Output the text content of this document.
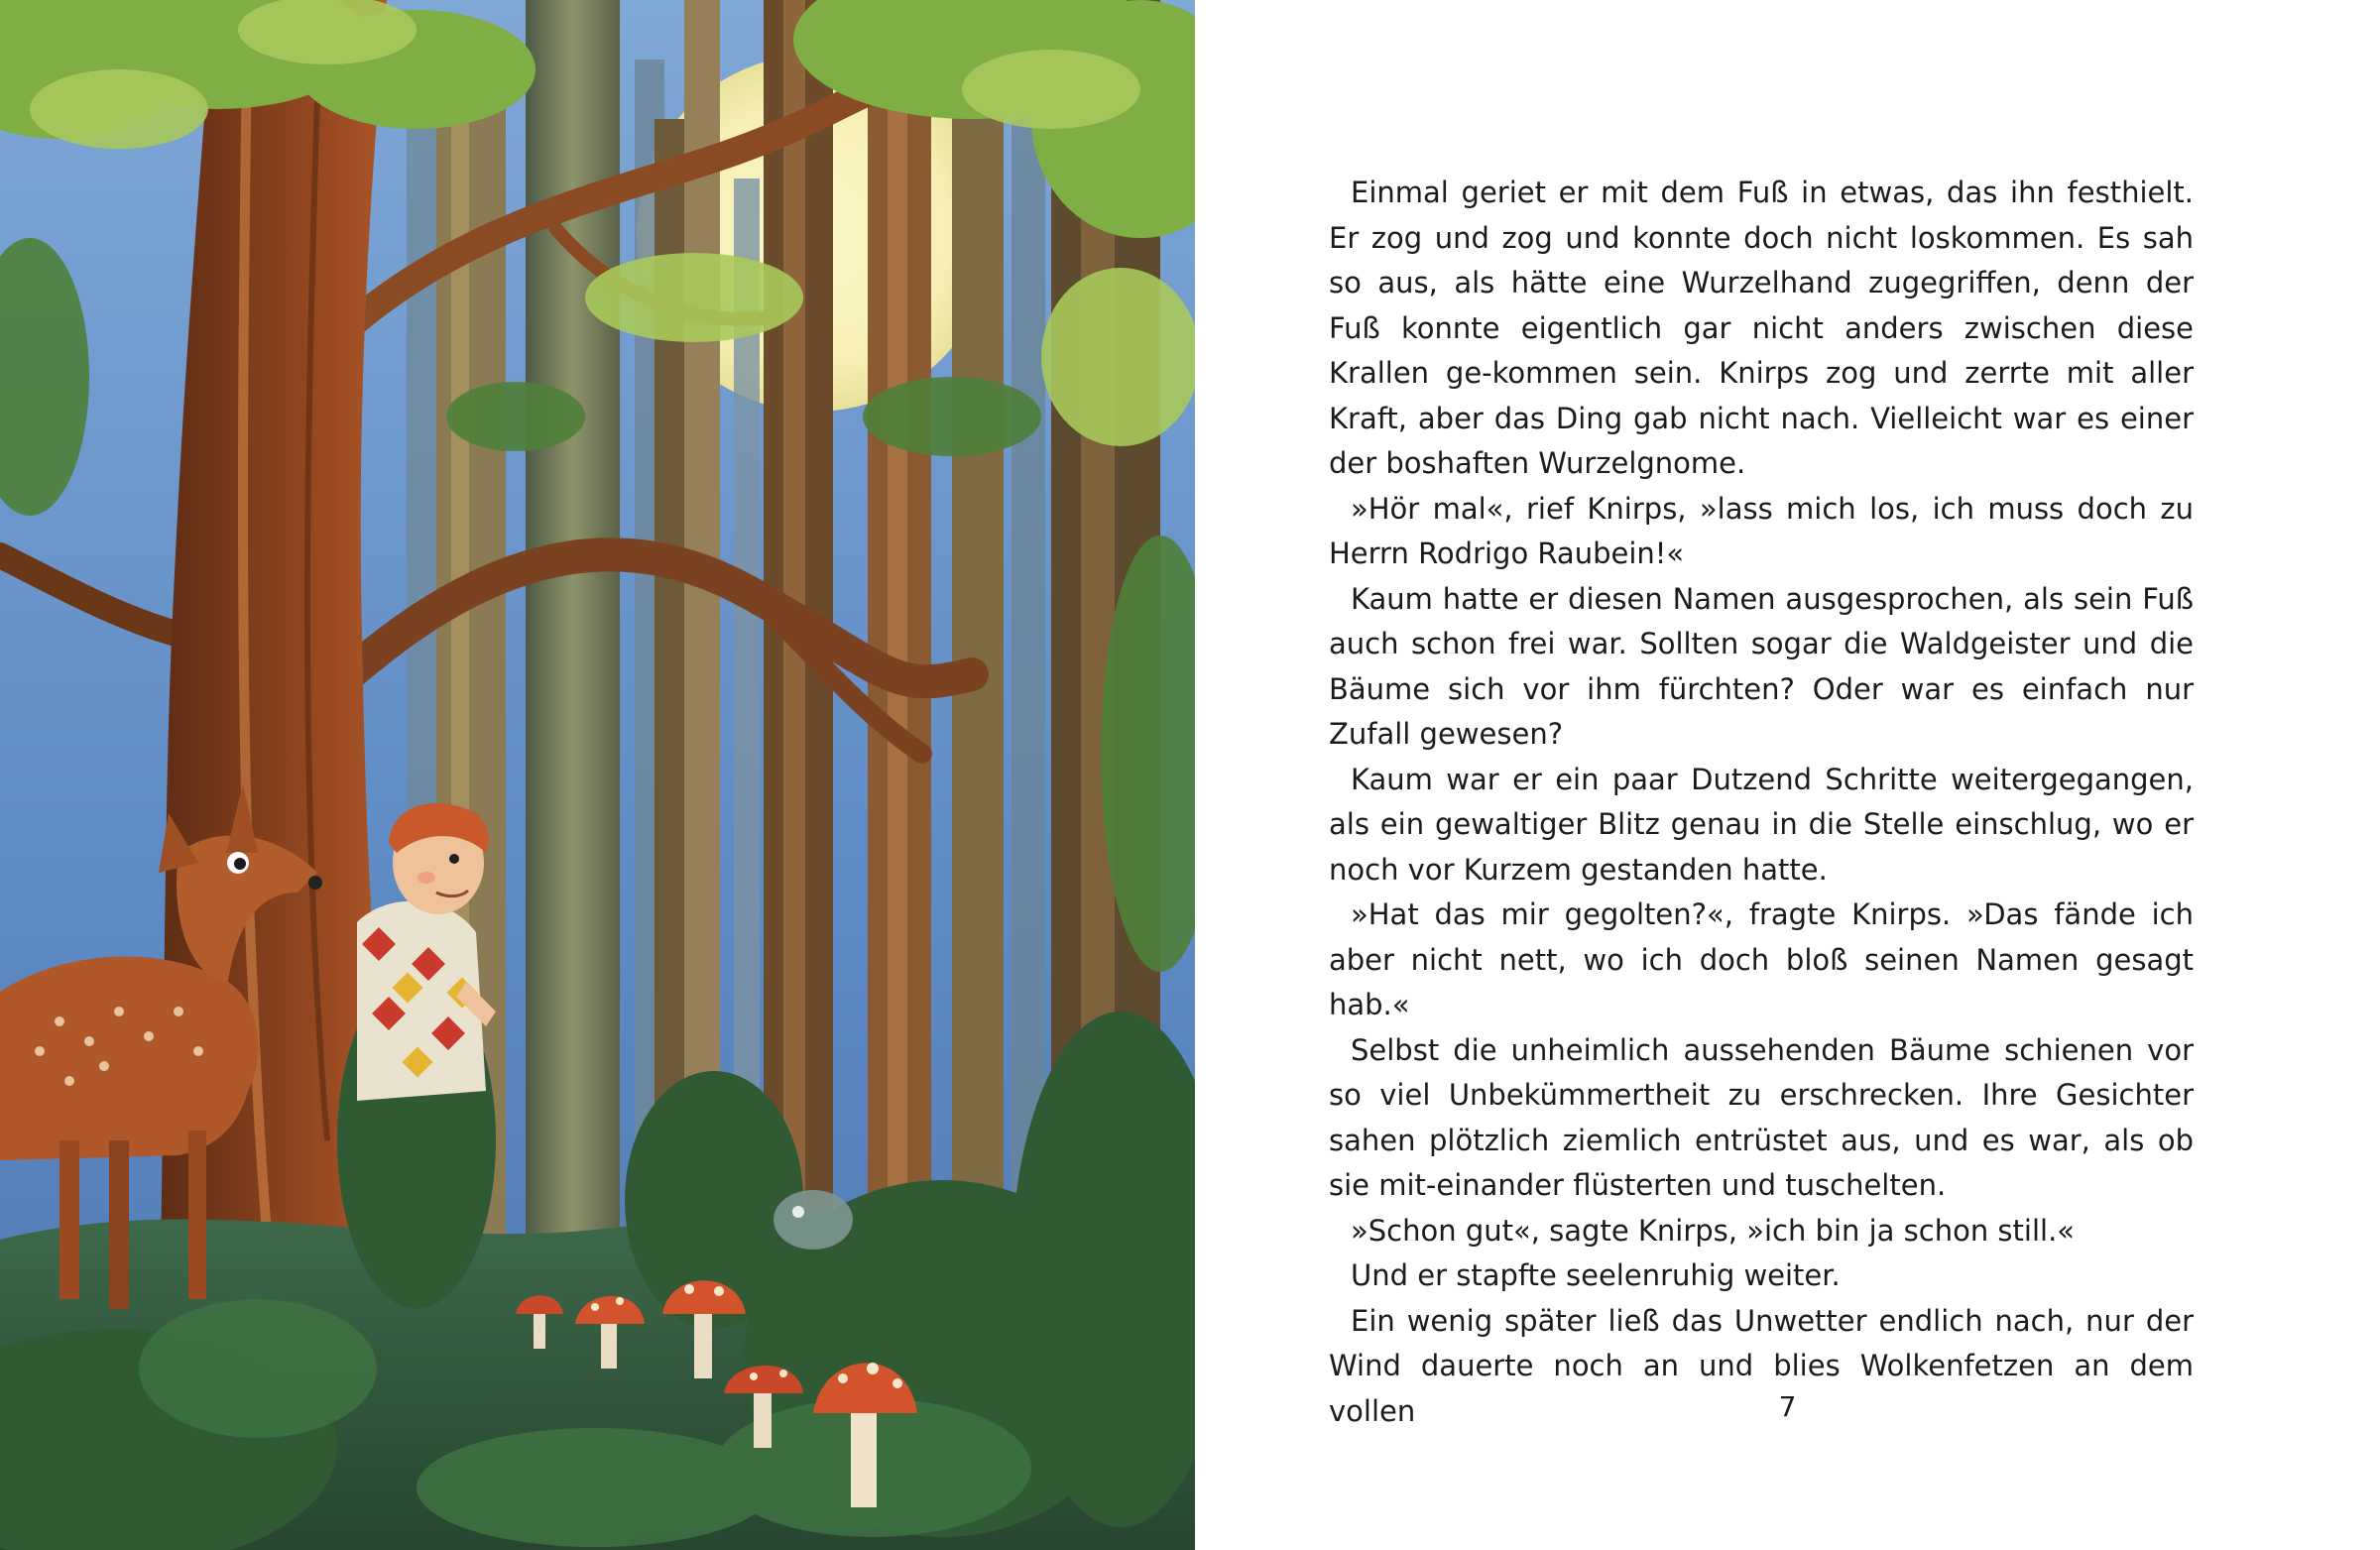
Einmal geriet er mit dem Fuß in etwas, das ihn festhielt. Er zog und zog und konnte doch nicht loskommen. Es sah so aus, als hätte eine Wurzelhand zugegriffen, denn der Fuß konnte eigentlich gar nicht anders zwischen diese Krallen ge-kommen sein. Knirps zog und zerrte mit aller Kraft, aber das Ding gab nicht nach. Vielleicht war es einer der boshaften Wurzelgnome.

»Hör mal«, rief Knirps, »lass mich los, ich muss doch zu Herrn Rodrigo Raubein!«

Kaum hatte er diesen Namen ausgesprochen, als sein Fuß auch schon frei war. Sollten sogar die Waldgeister und die Bäume sich vor ihm fürchten? Oder war es einfach nur Zufall gewesen?

Kaum war er ein paar Dutzend Schritte weitergegangen, als ein gewaltiger Blitz genau in die Stelle einschlug, wo er noch vor Kurzem gestanden hatte.

»Hat das mir gegolten?«, fragte Knirps. »Das fände ich aber nicht nett, wo ich doch bloß seinen Namen gesagt hab.«

Selbst die unheimlich aussehenden Bäume schienen vor so viel Unbekümmertheit zu erschrecken. Ihre Gesichter sahen plötzlich ziemlich entrüstet aus, und es war, als ob sie mit-einander flüsterten und tuschelten.

»Schon gut«, sagte Knirps, »ich bin ja schon still.«

Und er stapfte seelenruhig weiter.

Ein wenig später ließ das Unwetter endlich nach, nur der Wind dauerte noch an und blies Wolkenfetzen an dem vollen	7
